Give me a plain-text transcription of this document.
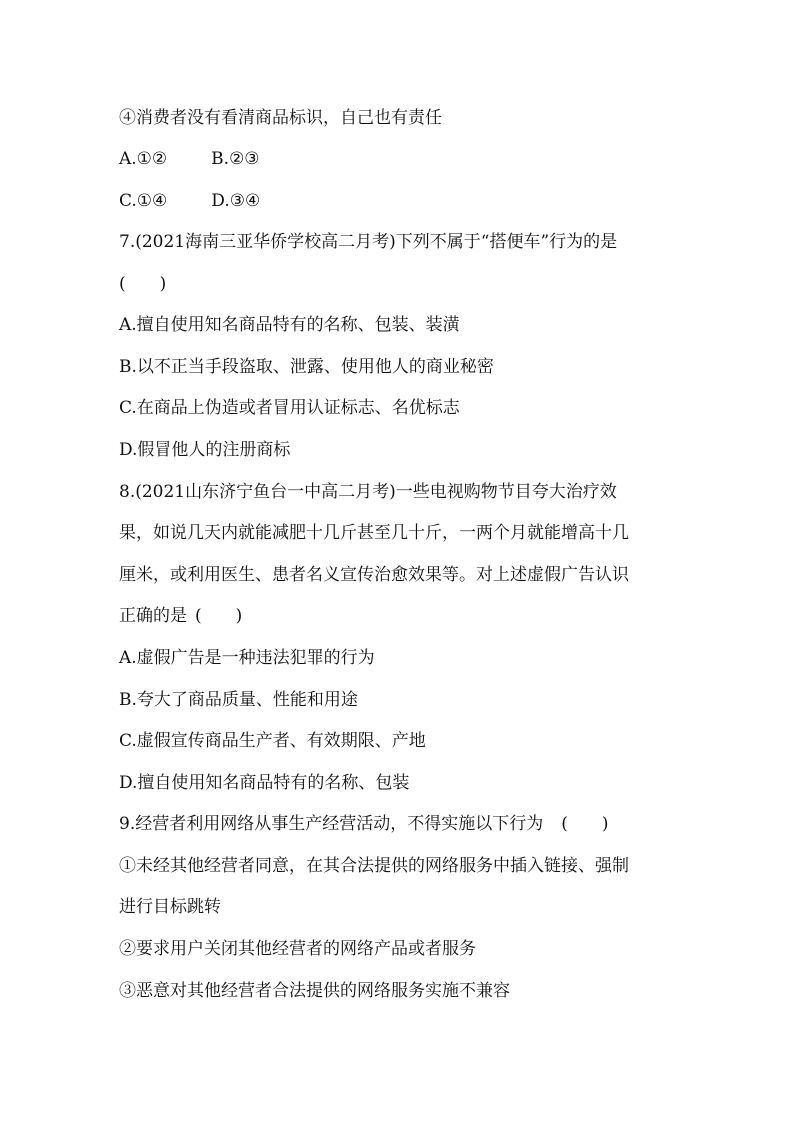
④消费者没有看清商品标识，自己也有责任
A.①②	B.②③
C.①④	D.③④
7.(2021海南三亚华侨学校高二月考)下列不属于“搭便车”行为的是
(　　)
A.擅自使用知名商品特有的名称、包装、装潢
B.以不正当手段盗取、泄露、使用他人的商业秘密
C.在商品上伪造或者冒用认证标志、名优标志
D.假冒他人的注册商标
8.(2021山东济宁鱼台一中高二月考)一些电视购物节目夸大治疗效
果，如说几天内就能减肥十几斤甚至几十斤，一两个月就能增高十几
厘米，或利用医生、患者名义宣传治愈效果等。对上述虚假广告认识
正确的是 (　　)
A.虚假广告是一种违法犯罪的行为
B.夸大了商品质量、性能和用途
C.虚假宣传商品生产者、有效期限、产地
D.擅自使用知名商品特有的名称、包装
9.经营者利用网络从事生产经营活动，不得实施以下行为 (　　)
①未经其他经营者同意，在其合法提供的网络服务中插入链接、强制
进行目标跳转
②要求用户关闭其他经营者的网络产品或者服务
③恶意对其他经营者合法提供的网络服务实施不兼容
